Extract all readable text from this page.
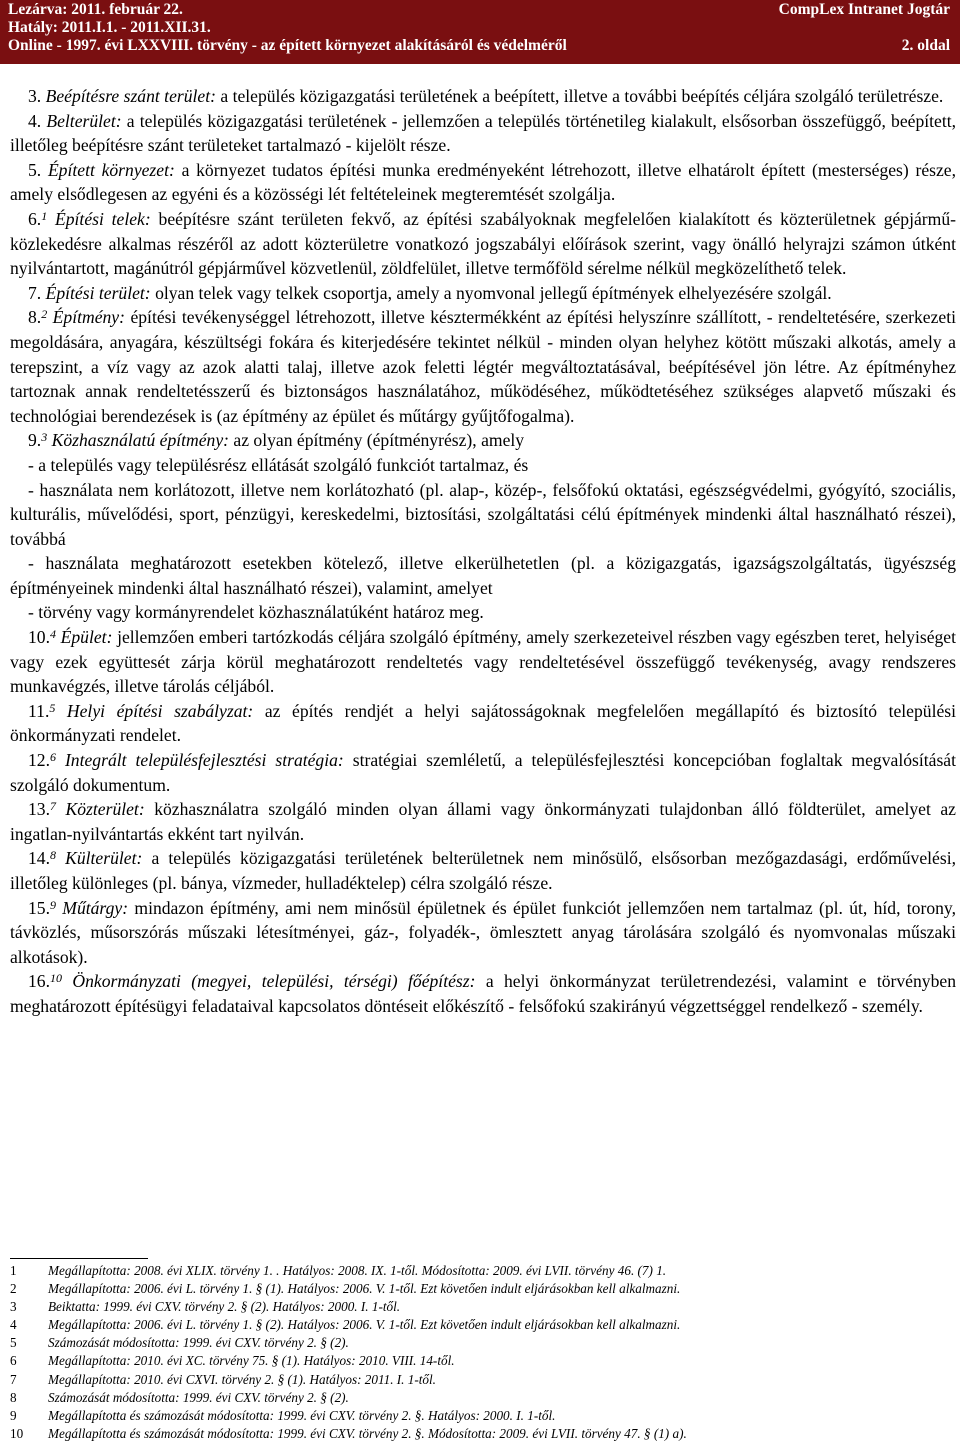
Lezárva: 2011. február 22.	CompLex Intranet Jogtár
Hatály: 2011.I.1. - 2011.XII.31.
Online - 1997. évi LXXVIII. törvény - az épített környezet alakításáról és védelméről	2. oldal

3. Beépítésre szánt terület: a település közigazgatási területének a beépített, illetve a további beépítés céljára szolgáló területrésze.

4. Belterület: a település közigazgatási területének - jellemzően a település történetileg kialakult, elsősorban összefüggő, beépített, illetőleg beépítésre szánt területeket tartalmazó - kijelölt része.

5. Épített környezet: a környezet tudatos építési munka eredményeként létrehozott, illetve elhatárolt épített (mesterséges) része, amely elsődlegesen az egyéni és a közösségi lét feltételeinek megteremtését szolgálja.

6.$^1$ Építési telek: beépítésre szánt területen fekvő, az építési szabályoknak megfelelően kialakított és közterületnek gépjármű-közlekedésre alkalmas részéről az adott közterületre vonatkozó jogszabályi előírások szerint, vagy önálló helyrajzi számon útként nyilvántartott, magánútról gépjárművel közvetlenül, zöldfelület, illetve termőföld sérelme nélkül megközelíthető telek.

7. Építési terület: olyan telek vagy telkek csoportja, amely a nyomvonal jellegű építmények elhelyezésére szolgál.

8.$^2$ Építmény: építési tevékenységgel létrehozott, illetve késztermékként az építési helyszínre szállított, - rendeltetésére, szerkezeti megoldására, anyagára, készültségi fokára és kiterjedésére tekintet nélkül - minden olyan helyhez kötött műszaki alkotás, amely a terepszint, a víz vagy az azok alatti talaj, illetve azok feletti légtér megváltoztatásával, beépítésével jön létre. Az építményhez tartoznak annak rendeltetésszerű és biztonságos használatához, működéséhez, működtetéséhez szükséges alapvető műszaki és technológiai berendezések is (az építmény az épület és műtárgy gyűjtőfogalma).

9.$^3$ Közhasználatú építmény: az olyan építmény (építményrész), amely

- a település vagy településrész ellátását szolgáló funkciót tartalmaz, és

- használata nem korlátozott, illetve nem korlátozható (pl. alap-, közép-, felsőfokú oktatási, egészségvédelmi, gyógyító, szociális, kulturális, művelődési, sport, pénzügyi, kereskedelmi, biztosítási, szolgáltatási célú építmények mindenki által használható részei), továbbá

- használata meghatározott esetekben kötelező, illetve elkerülhetetlen (pl. a közigazgatás, igazságszolgáltatás, ügyészség építményeinek mindenki által használható részei), valamint, amelyet

- törvény vagy kormányrendelet közhasználatúként határoz meg.

10.$^4$ Épület: jellemzően emberi tartózkodás céljára szolgáló építmény, amely szerkezeteivel részben vagy egészben teret, helyiséget vagy ezek együttesét zárja körül meghatározott rendeltetés vagy rendeltetésével összefüggő tevékenység, avagy rendszeres munkavégzés, illetve tárolás céljából.

11.$^5$ Helyi építési szabályzat: az építés rendjét a helyi sajátosságoknak megfelelően megállapító és biztosító települési önkormányzati rendelet.

12.$^6$ Integrált településfejlesztési stratégia: stratégiai szemléletű, a településfejlesztési koncepcióban foglaltak megvalósítását szolgáló dokumentum.

13.$^7$ Közterület: közhasználatra szolgáló minden olyan állami vagy önkormányzati tulajdonban álló földterület, amelyet az ingatlan-nyilvántartás ekként tart nyilván.

14.$^8$ Külterület: a település közigazgatási területének belterületnek nem minősülő, elsősorban mezőgazdasági, erdőművelési, illetőleg különleges (pl. bánya, vízmeder, hulladéktelep) célra szolgáló része.

15.$^9$ Műtárgy: mindazon építmény, ami nem minősül épületnek és épület funkciót jellemzően nem tartalmaz (pl. út, híd, torony, távközlés, műsorszórás műszaki létesítményei, gáz-, folyadék-, ömlesztett anyag tárolására szolgáló és nyomvonalas műszaki alkotások).

16.10 Önkormányzati (megyei, települési, térségi) főépítész: a helyi önkormányzat területrendezési, valamint e törvényben meghatározott építésügyi feladataival kapcsolatos döntéseit előkészítő - felsőfokú szakirányú végzettséggel rendelkező - személy.

1 Megállapította: 2008. évi XLIX. törvény 1. . Hatályos: 2008. IX. 1-től. Módosította: 2009. évi LVII. törvény 46. (7) 1.
2 Megállapította: 2006. évi L. törvény 1. § (1). Hatályos: 2006. V. 1-től. Ezt követően indult eljárásokban kell alkalmazni.
3 Beiktatta: 1999. évi CXV. törvény 2. § (2). Hatályos: 2000. I. 1-től.
4 Megállapította: 2006. évi L. törvény 1. § (2). Hatályos: 2006. V. 1-től. Ezt követően indult eljárásokban kell alkalmazni.
5 Számozását módosította: 1999. évi CXV. törvény 2. § (2).
6 Megállapította: 2010. évi XC. törvény 75. § (1). Hatályos: 2010. VIII. 14-től.
7 Megállapította: 2010. évi CXVI. törvény 2. § (1). Hatályos: 2011. I. 1-től.
8 Számozását módosította: 1999. évi CXV. törvény 2. § (2).
9 Megállapította és számozását módosította: 1999. évi CXV. törvény 2. §. Hatályos: 2000. I. 1-től.
10 Megállapította és számozását módosította: 1999. évi CXV. törvény 2. §. Módosította: 2009. évi LVII. törvény 47. § (1) a).
